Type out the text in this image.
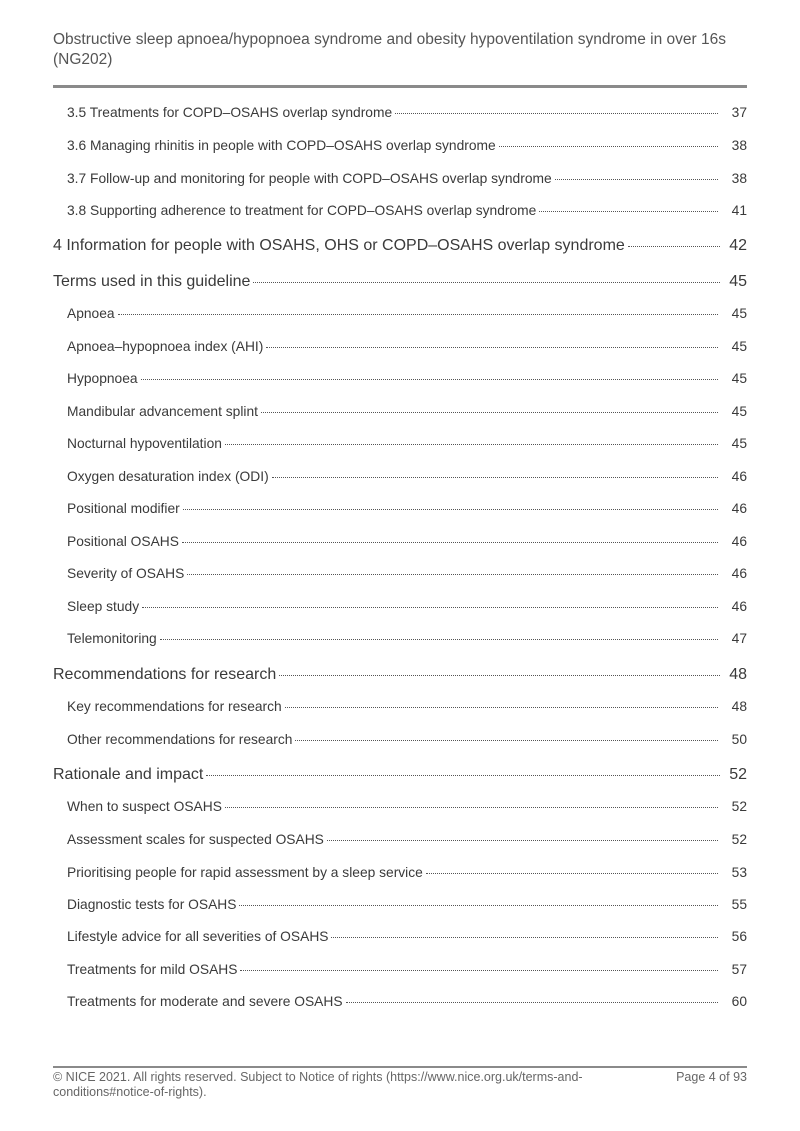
Obstructive sleep apnoea/hypopnoea syndrome and obesity hypoventilation syndrome in over 16s (NG202)
3.5 Treatments for COPD–OSAHS overlap syndrome	37
3.6 Managing rhinitis in people with COPD–OSAHS overlap syndrome	38
3.7 Follow-up and monitoring for people with COPD–OSAHS overlap syndrome	38
3.8 Supporting adherence to treatment for COPD–OSAHS overlap syndrome	41
4 Information for people with OSAHS, OHS or COPD–OSAHS overlap syndrome	42
Terms used in this guideline	45
Apnoea	45
Apnoea–hypopnoea index (AHI)	45
Hypopnoea	45
Mandibular advancement splint	45
Nocturnal hypoventilation	45
Oxygen desaturation index (ODI)	46
Positional modifier	46
Positional OSAHS	46
Severity of OSAHS	46
Sleep study	46
Telemonitoring	47
Recommendations for research	48
Key recommendations for research	48
Other recommendations for research	50
Rationale and impact	52
When to suspect OSAHS	52
Assessment scales for suspected OSAHS	52
Prioritising people for rapid assessment by a sleep service	53
Diagnostic tests for OSAHS	55
Lifestyle advice for all severities of OSAHS	56
Treatments for mild OSAHS	57
Treatments for moderate and severe OSAHS	60
© NICE 2021. All rights reserved. Subject to Notice of rights (https://www.nice.org.uk/terms-and-conditions#notice-of-rights).
Page 4 of 93
